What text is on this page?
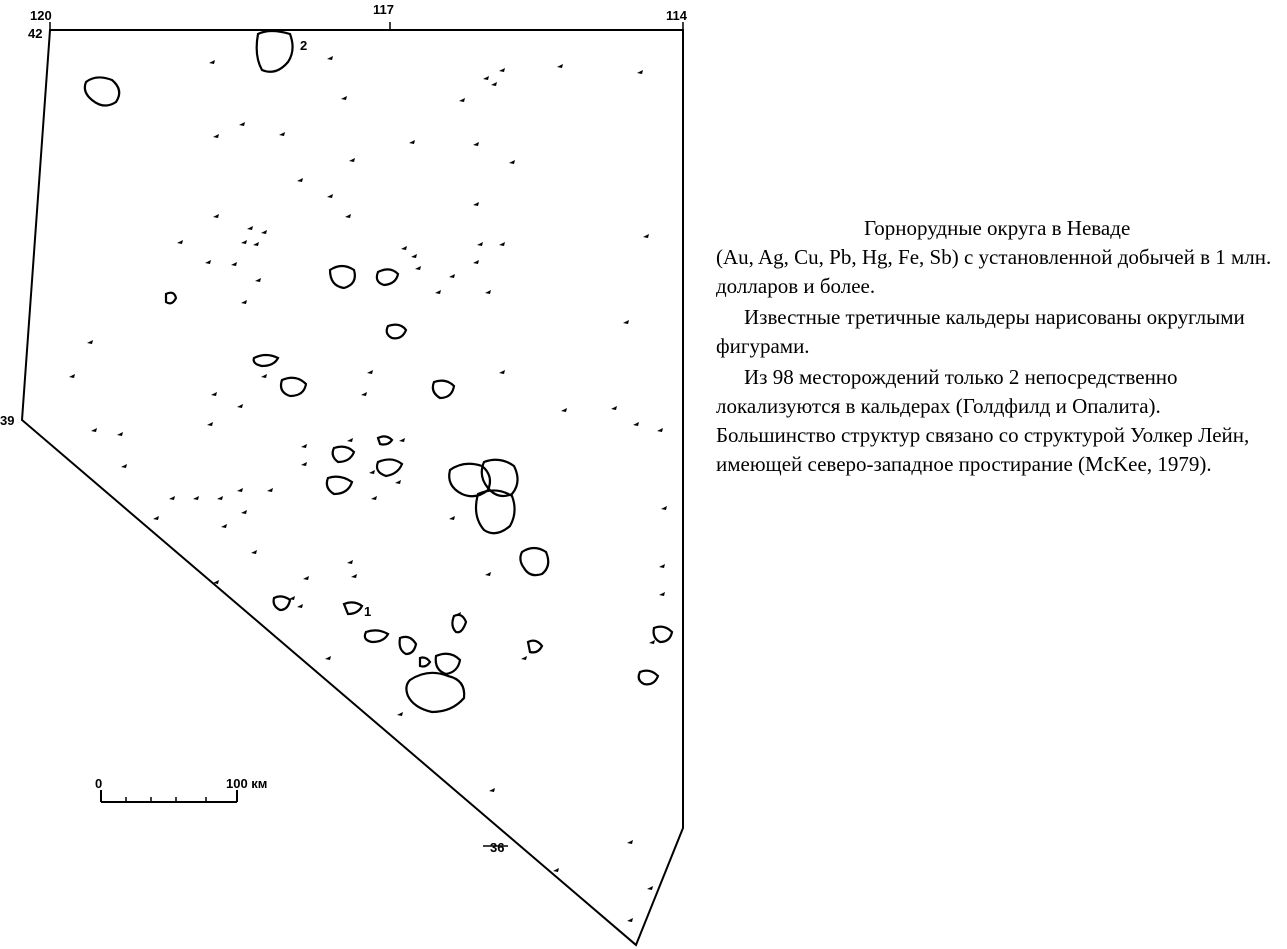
120	117	114
42
39
36
2
1
0	100 км

Горнорудные округа в Неваде

(Au, Ag, Cu, Pb, Hg, Fe, Sb) с установленной добычей в 1 млн. долларов и более.

Известные третичные кальдеры нарисованы округлыми фигурами.

Из 98 месторождений только 2 непосредственно локализуются в кальдерах (Голдфилд и Опалита). Большинство структур связано со структурой Уолкер Лейн, имеющей северо-западное простирание (McKee, 1979).
